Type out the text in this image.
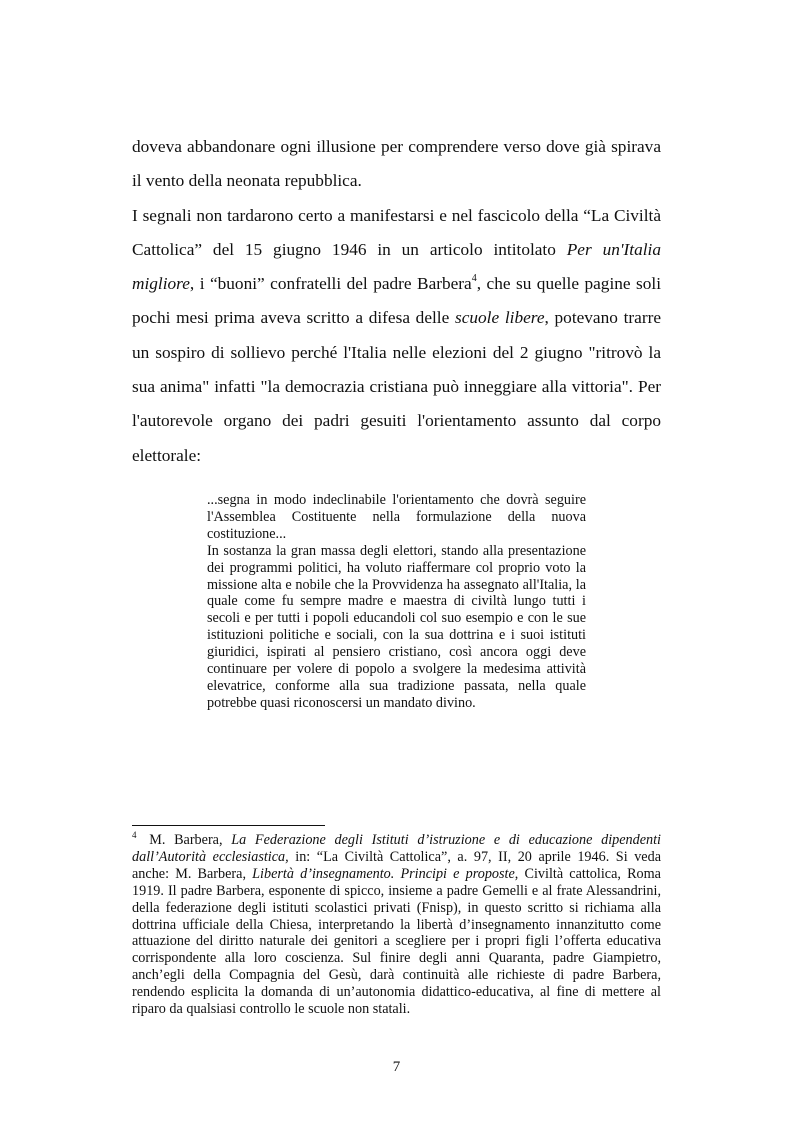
doveva abbandonare ogni illusione per comprendere verso dove già spirava il vento della neonata repubblica.

I segnali non tardarono certo a manifestarsi e nel fascicolo della “La Civiltà Cattolica” del 15 giugno 1946 in un articolo intitolato Per un'Italia migliore, i “buoni” confratelli del padre Barbera$^4$, che su quelle pagine soli pochi mesi prima aveva scritto a difesa delle scuole libere, potevano trarre un sospiro di sollievo perché l'Italia nelle elezioni del 2 giugno "ritrovò la sua anima" infatti "la democrazia cristiana può inneggiare alla vittoria". Per l'autorevole organo dei padri gesuiti l'orientamento assunto dal corpo elettorale:

...segna in modo indeclinabile l'orientamento che dovrà seguire l'Assemblea Costituente nella formulazione della nuova costituzione...

In sostanza la gran massa degli elettori, stando alla presentazione dei programmi politici, ha voluto riaffermare col proprio voto la missione alta e nobile che la Provvidenza ha assegnato all'Italia, la quale come fu sempre madre e maestra di civiltà lungo tutti i secoli e per tutti i popoli educandoli col suo esempio e con le sue istituzioni politiche e sociali, con la sua dottrina e i suoi istituti giuridici, ispirati al pensiero cristiano, così ancora oggi deve continuare per volere di popolo a svolgere la medesima attività elevatrice, conforme alla sua tradizione passata, nella quale potrebbe quasi riconoscersi un mandato divino.

$^4$ M. Barbera, La Federazione degli Istituti d’istruzione e di educazione dipendenti dall’Autorità ecclesiastica, in: “La Civiltà Cattolica”, a. 97, II, 20 aprile 1946. Si veda anche: M. Barbera, Libertà d’insegnamento. Principi e proposte, Civiltà cattolica, Roma 1919. Il padre Barbera, esponente di spicco, insieme a padre Gemelli e al frate Alessandrini, della federazione degli istituti scolastici privati (Fnisp), in questo scritto si richiama alla dottrina ufficiale della Chiesa, interpretando la libertà d’insegnamento innanzitutto come attuazione del diritto naturale dei genitori a scegliere per i propri figli l’offerta educativa corrispondente alla loro coscienza. Sul finire degli anni Quaranta, padre Giampietro, anch’egli della Compagnia del Gesù, darà continuità alle richieste di padre Barbera, rendendo esplicita la domanda di un’autonomia didattico-educativa, al fine di mettere al riparo da qualsiasi controllo le scuole non statali.
7
